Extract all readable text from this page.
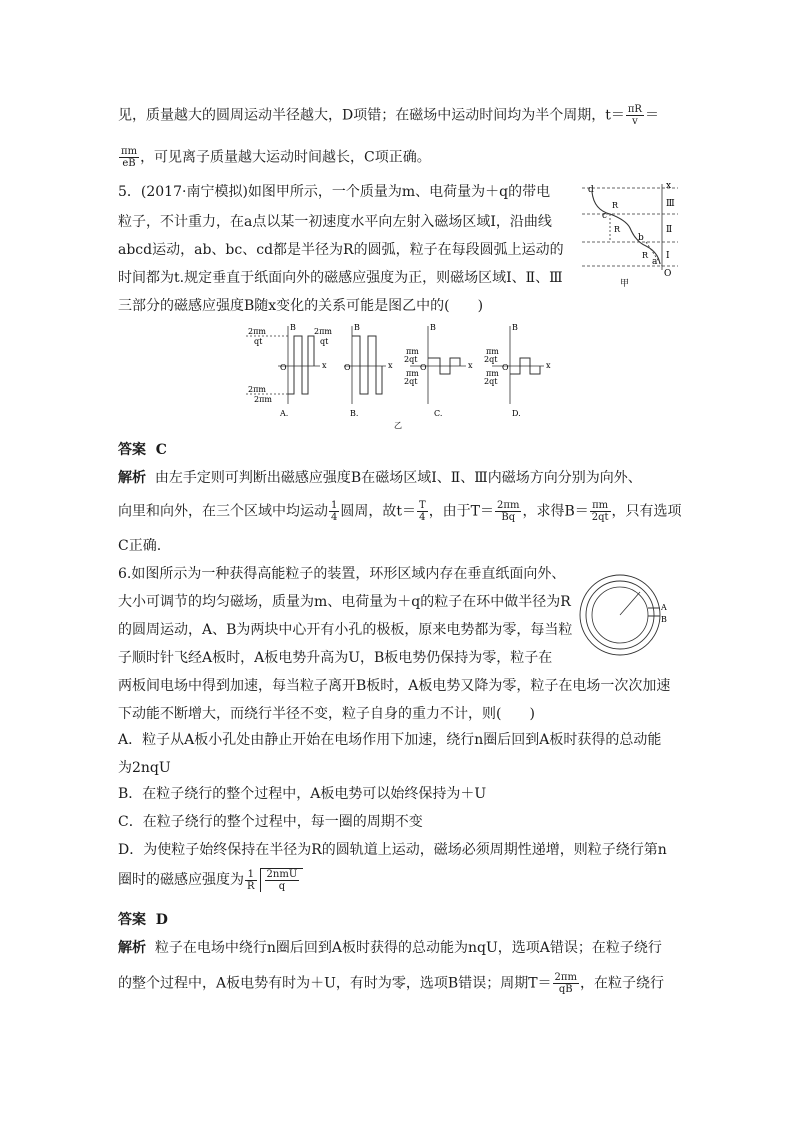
见，质量越大的圆周运动半径越大，D项错；在磁场中运动时间均为半个周期，$t= \frac{\pi R}{v}$ ＝
$\frac{\pi m}{eB}$ ，可见离子质量越大运动时间越长，C项正确。
5．(2017·南宁模拟)如图甲所示，一个质量为m、电荷量为＋q的带电
粒子，不计重力，在a点以某一初速度水平向左射入磁场区域Ⅰ，沿曲线
abcd运动，ab、bc、cd都是半径为R的圆弧，粒子在每段圆弧上运动的
时间都为t.规定垂直于纸面向外的磁感应强度为正，则磁场区域Ⅰ、Ⅱ、Ⅲ
三部分的磁感应强度B随x变化的关系可能是图乙中的(　　)
d
c
b
a
R
R
R
x
O
Ⅲ
Ⅱ
Ⅰ
甲
B	B	B	B
x	x	x	x
O	O	O	O
2πm
qt
2πm
2πm
2πm
qt
πm
2qt
πm
2qt
πm
2qt
πm
2qt
A.	B.	C.	D.
乙
答案 C
解析 由左手定则可判断出磁感应强度B在磁场区域Ⅰ、Ⅱ、Ⅲ内磁场方向分别为向外、
向里和向外，在三个区域中均运动 $\frac{1}{4}$ 圆周，故$t= \frac{T}{4}$ ，由于$T= \frac{2\pi m}{Bq}$ ，求得$B= \frac{\pi m}{2qt}$ ，只有选项
C正确.
6.如图所示为一种获得高能粒子的装置，环形区域内存在垂直纸面向外、
大小可调节的均匀磁场，质量为m、电荷量为＋q的粒子在环中做半径为R
的圆周运动，A、B为两块中心开有小孔的极板，原来电势都为零，每当粒
子顺时针飞经A板时，A板电势升高为U，B板电势仍保持为零，粒子在
两板间电场中得到加速，每当粒子离开B板时，A板电势又降为零，粒子在电场一次次加速
下动能不断增大，而绕行半径不变，粒子自身的重力不计，则(　　)
A
B
A．粒子从A板小孔处由静止开始在电场作用下加速，绕行n圈后回到A板时获得的总动能
为2nqU
B．在粒子绕行的整个过程中，A板电势可以始终保持为＋U
C．在粒子绕行的整个过程中，每一圈的周期不变
D．为使粒子始终保持在半径为R的圆轨道上运动，磁场必须周期性递增，则粒子绕行第n
圈时的磁感应强度为 $\frac{1}{R} \frac{\text{2nmU}}{q}$
答案 D
解析 粒子在电场中绕行n圈后回到A板时获得的总动能为nqU，选项A错误；在粒子绕行
的整个过程中，A板电势有时为＋U，有时为零，选项B错误；周期$T= \frac{2\pi m}{qB}$ ，在粒子绕行
